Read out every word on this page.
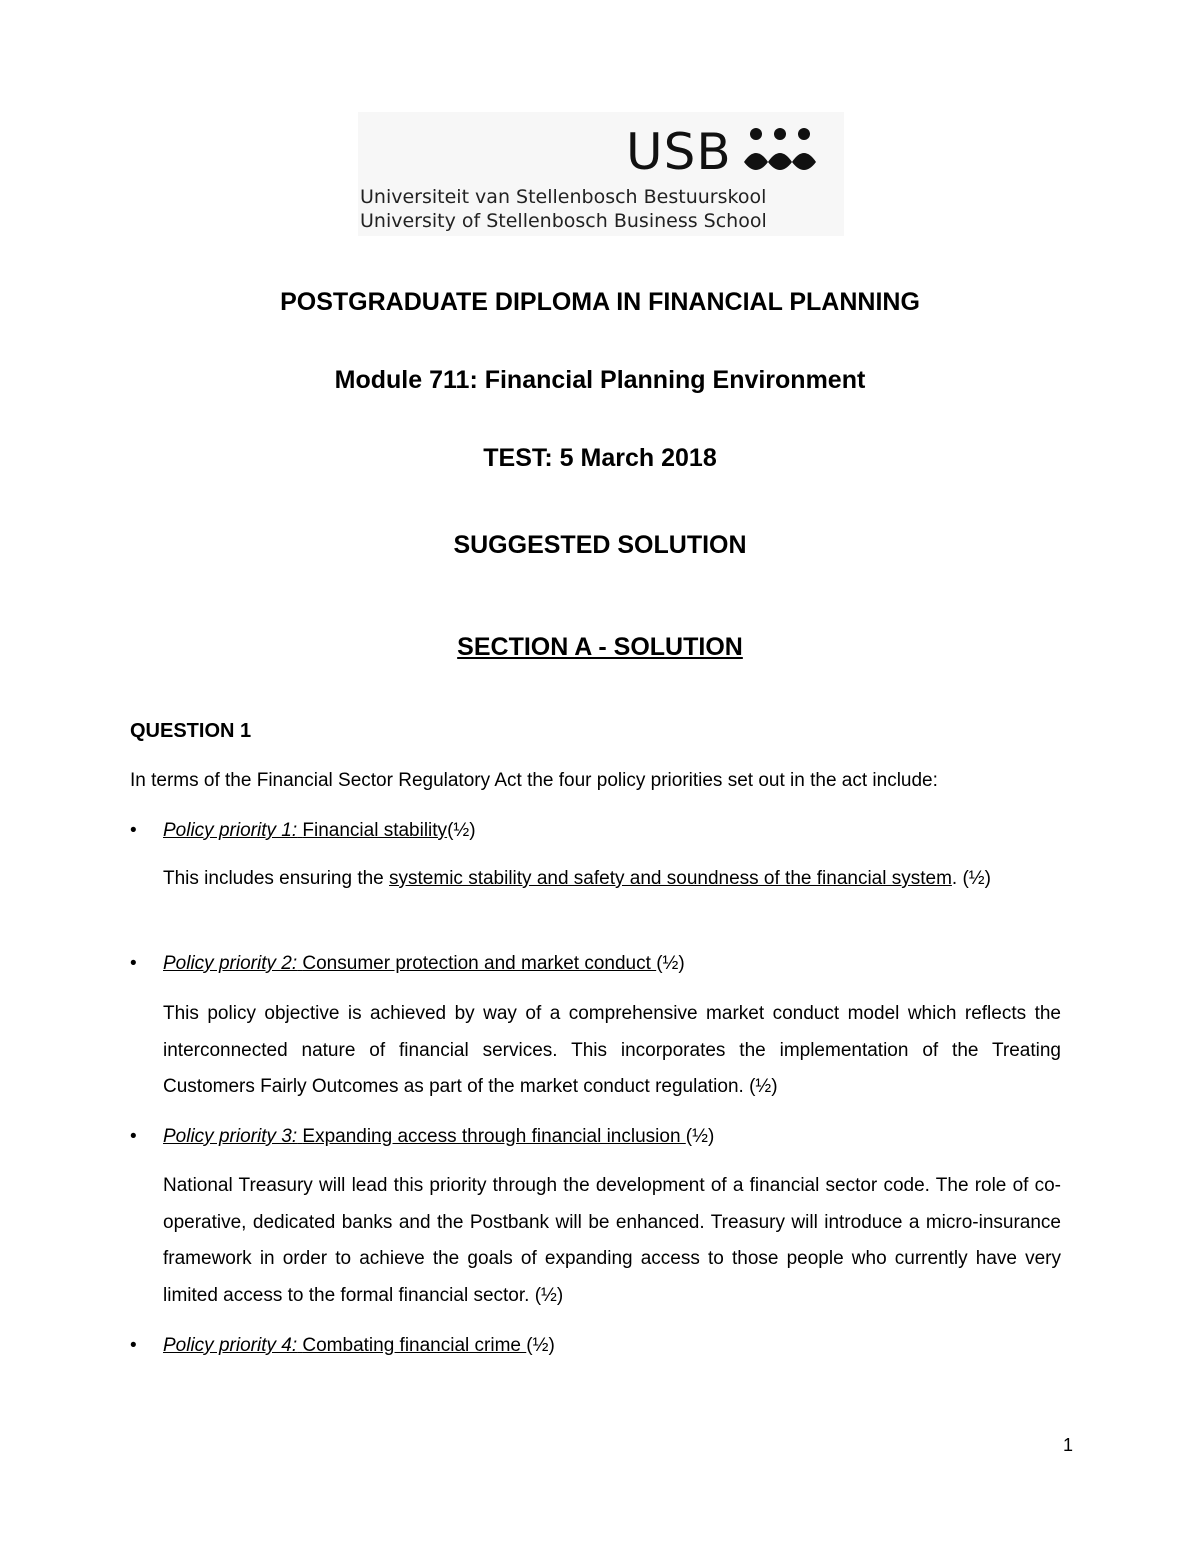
USB
Universiteit van Stellenbosch Bestuurskool
University of Stellenbosch Business School
POSTGRADUATE DIPLOMA IN FINANCIAL PLANNING
Module 711: Financial Planning Environment
TEST: 5 March 2018
SUGGESTED SOLUTION
SECTION A - SOLUTION
QUESTION 1
In terms of the Financial Sector Regulatory Act the four policy priorities set out in the act include:
• Policy priority 1: Financial stability(½)
This includes ensuring the systemic stability and safety and soundness of the financial system. (½)
• Policy priority 2: Consumer protection and market conduct (½)
This policy objective is achieved by way of a comprehensive market conduct model which reflects the interconnected nature of financial services. This incorporates the implementation of the Treating Customers Fairly Outcomes as part of the market conduct regulation. (½)
• Policy priority 3: Expanding access through financial inclusion (½)
National Treasury will lead this priority through the development of a financial sector code. The role of co-operative, dedicated banks and the Postbank will be enhanced. Treasury will introduce a micro-insurance framework in order to achieve the goals of expanding access to those people who currently have very limited access to the formal financial sector. (½)
• Policy priority 4: Combating financial crime (½)
1
